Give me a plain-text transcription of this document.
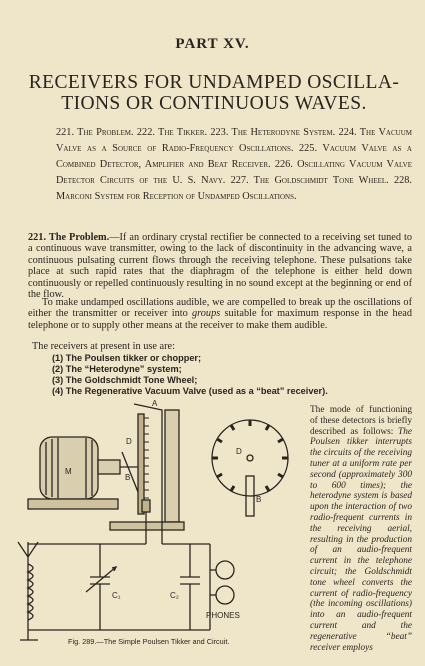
PART XV.
RECEIVERS FOR UNDAMPED OSCILLA-
TIONS OR CONTINUOUS WAVES.
221. The Problem. 222. The Tikker. 223. The Heterodyne System. 224. The Vacuum Valve as a Source of Radio-Frequency Oscillations. 225. Vacuum Valve as a Combined Detector, Amplifier and Beat Receiver. 226. Oscillating Vacuum Valve Detector Circuits of the U. S. Navy. 227. The Goldschmidt Tone Wheel. 228. Marconi System for Reception of Undamped Oscillations.
221. The Problem.—If an ordinary crystal rectifier be connected to a receiving set tuned to a continuous wave transmitter, owing to the lack of discontinuity in the advancing wave, a continuous pulsating current flows through the receiving telephone. These pulsations take place at such rapid rates that the diaphragm of the telephone is either held down continuously or repelled continuously resulting in no sound except at the beginning or end of the flow.
To make undamped oscillations audible, we are compelled to break up the oscillations of either the transmitter or receiver into groups suitable for maximum response in the head telephone or to supply other means at the receiver to make them audible.
The receivers at present in use are:
(1) The Poulsen tikker or chopper;
(2) The “Heterodyne” system;
(3) The Goldschmidt Tone Wheel;
(4) The Regenerative Vacuum Valve (used as a “beat” receiver).
M
D
B
A
D
B
C₁	C₂
PHONES
The mode of functioning of these detectors is briefly described as follows: The Poulsen tikker interrupts the circuits of the receiving tuner at a uniform rate per second (approximately 300 to 600 times); the heterodyne system is based upon the interaction of two radio-frequent currents in the receiving aerial, resulting in the production of an audio-frequent current in the telephone circuit; the Goldschmidt tone wheel converts the current of radio-frequency (the incoming oscillations) into an audio-frequent current and the regenerative “beat” receiver employs
Fig. 289.—The Simple Poulsen Tikker and Circuit.
